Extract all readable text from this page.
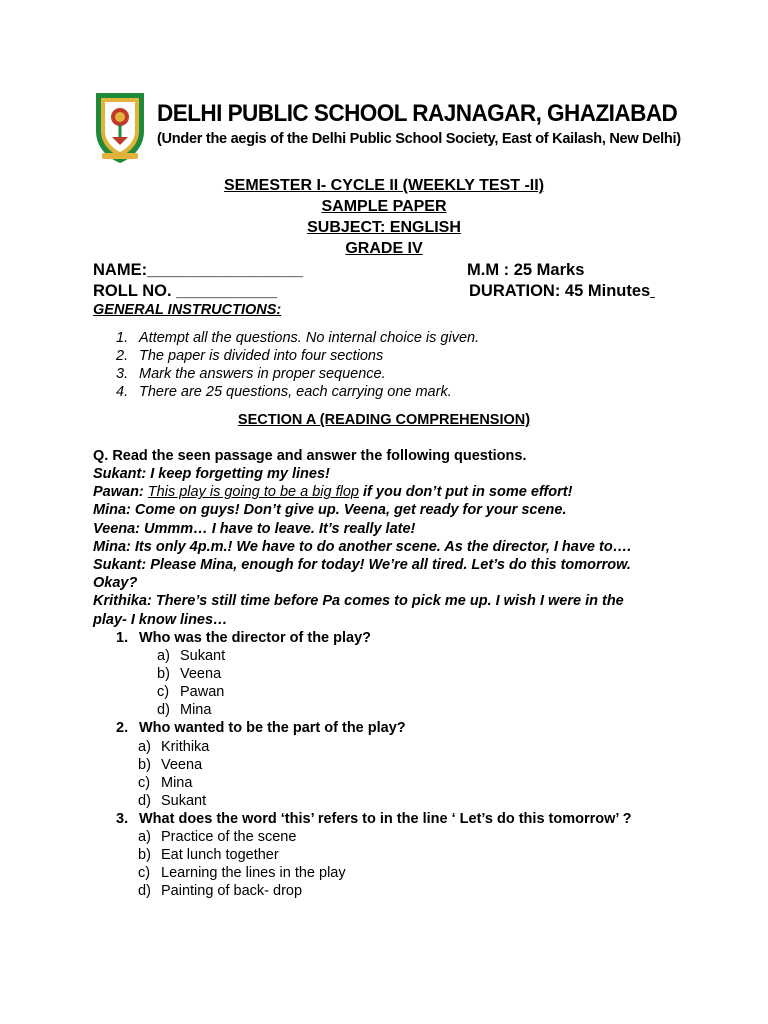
DELHI PUBLIC SCHOOL RAJNAGAR, GHAZIABAD
(Under the aegis of the Delhi Public School Society, East of Kailash, New Delhi)
SEMESTER I- CYCLE II (WEEKLY TEST -II)
SAMPLE PAPER
SUBJECT: ENGLISH
GRADE IV
NAME:_________________	M.M : 25 Marks
ROLL NO. ___________	DURATION: 45 Minutes
GENERAL INSTRUCTIONS:
1. Attempt all the questions. No internal choice is given.
2. The paper is divided into four sections
3. Mark the answers in proper sequence.
4. There are 25 questions, each carrying one mark.
SECTION A (READING COMPREHENSION)
Q. Read the seen passage and answer the following questions.
Sukant: I keep forgetting my lines!
Pawan: This play is going to be a big flop if you don’t put in some effort!
Mina: Come on guys! Don’t give up. Veena, get ready for your scene.
Veena: Ummm… I have to leave. It’s really late!
Mina: Its only 4p.m.! We have to do another scene. As the director, I have to….
Sukant: Please Mina, enough for today! We’re all tired. Let’s do this tomorrow.
Okay?
Krithika: There’s still time before Pa comes to pick me up. I wish I were in the
play- I know lines…
1. Who was the director of the play?
a) Sukant
b) Veena
c) Pawan
d) Mina
2. Who wanted to be the part of the play?
a) Krithika
b) Veena
c) Mina
d) Sukant
3. What does the word ‘this’ refers to in the line ‘ Let’s do this tomorrow’ ?
a) Practice of the scene
b) Eat lunch together
c) Learning the lines in the play
d) Painting of back- drop
